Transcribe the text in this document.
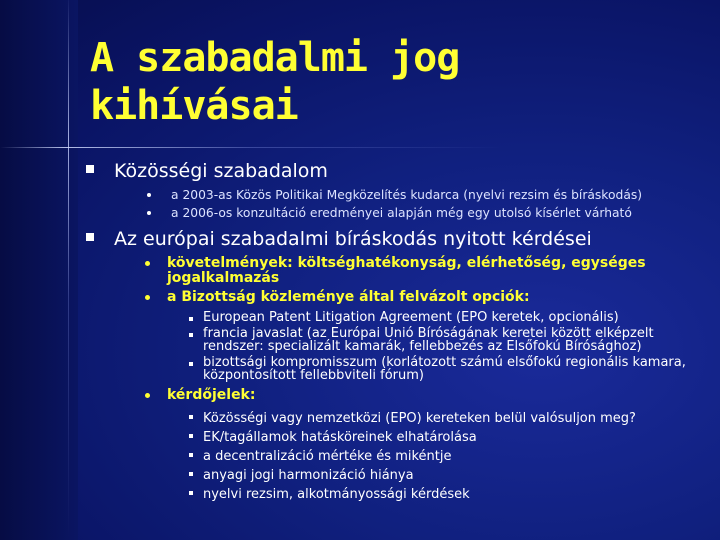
A szabadalmi jog
kihívásai
Közösségi szabadalom
a 2003-as Közös Politikai Megközelítés kudarca (nyelvi rezsim és bíráskodás)
a 2006-os konzultáció eredményei alapján még egy utolsó kísérlet várható
Az európai szabadalmi bíráskodás nyitott kérdései
követelmények: költséghatékonyság, elérhetőség, egységes jogalkalmazás
a Bizottság közleménye által felvázolt opciók:
European Patent Litigation Agreement (EPO keretek, opcionális)
francia javaslat (az Európai Unió Bíróságának keretei között elképzelt rendszer: specializált kamarák, fellebbezés az Elsőfokú Bírósághoz)
bizottsági kompromisszum (korlátozott számú elsőfokú regionális kamara, központosított fellebbviteli fórum)
kérdőjelek:
Közösségi vagy nemzetközi (EPO) kereteken belül valósuljon meg?
EK/tagállamok hatásköreinek elhatárolása
a decentralizáció mértéke és mikéntje
anyagi jogi harmonizáció hiánya
nyelvi rezsim, alkotmányossági kérdések
